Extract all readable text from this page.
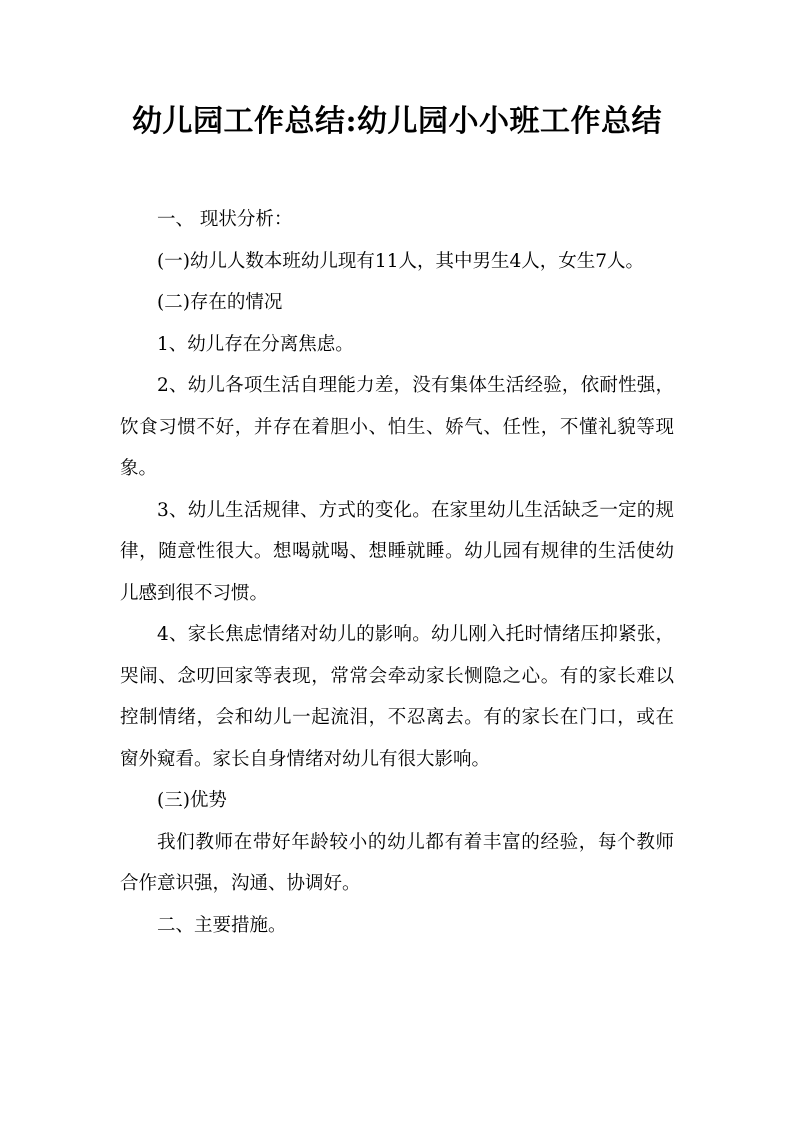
幼儿园工作总结:幼儿园小小班工作总结

一、 现状分析：

(一)幼儿人数本班幼儿现有11人，其中男生4人，女生7人。

(二)存在的情况

1、幼儿存在分离焦虑。

2、幼儿各项生活自理能力差，没有集体生活经验，依耐性强，饮食习惯不好，并存在着胆小、怕生、娇气、任性，不懂礼貌等现象。

3、幼儿生活规律、方式的变化。在家里幼儿生活缺乏一定的规律，随意性很大。想喝就喝、想睡就睡。幼儿园有规律的生活使幼儿感到很不习惯。

4、家长焦虑情绪对幼儿的影响。幼儿刚入托时情绪压抑紧张，哭闹、念叨回家等表现，常常会牵动家长恻隐之心。有的家长难以控制情绪，会和幼儿一起流泪，不忍离去。有的家长在门口，或在窗外窥看。家长自身情绪对幼儿有很大影响。

(三)优势

我们教师在带好年龄较小的幼儿都有着丰富的经验，每个教师合作意识强，沟通、协调好。

二、主要措施。
